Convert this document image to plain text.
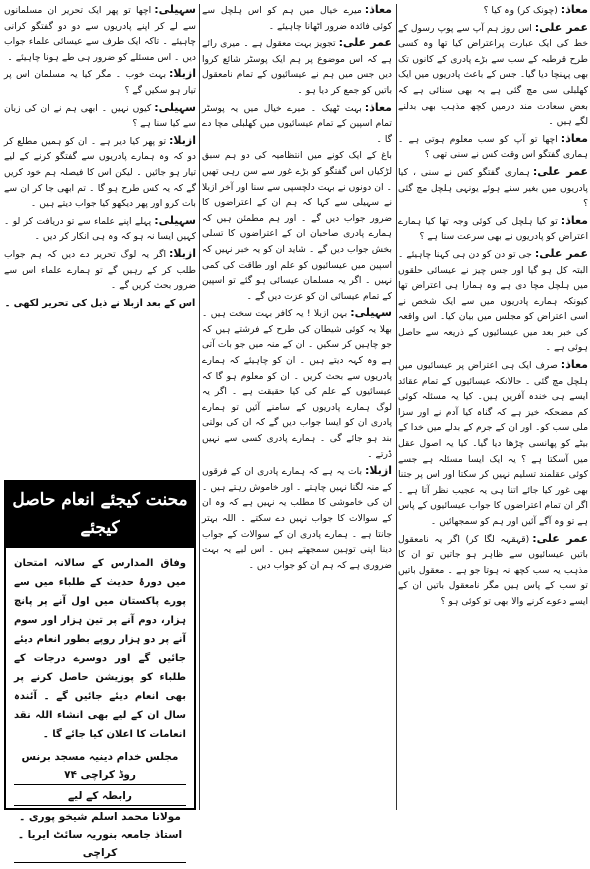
معاذ:(چونک کر) وہ کیا ؟
عمر علی:اس روز ہم آپ سے پوپ رسول کے خط کی ایک عبارت پراعتراض کیا تھا وہ کسی طرح قرطبہ کے سب سے بڑے پادری کے کانوں تک بھی پہنچا دیا گیا۔ جس کے باعث پادریوں میں ایک کھلبلی سی مچ گئی ہے یہ بھی سنائی ہے کہ بعض سعادت مند درمیں کچھ مذہب بھی بدلنے لگے ہیں ۔
معاذ:اچھا تو آپ کو سب معلوم ہوتی ہے ۔ ہماری گفتگو اس وقت کس نے سنی تھی ؟
عمر علی:ہماری گفتگو کس نے سنی ، کیا پادریوں میں بغیر سنے ہوئے یونہی ہلچل مچ گئی ؟
معاذ:تو کیا ہلچل کی کوئی وجہ تھا کیا ہمارے اعتراض کو پادریوں نے بھی سرعت سنا ہے ؟
عمر علی:جی تو دن کو دن ہی کہنا چاہیئے ۔ البتہ کل ہو گیا اور جس چیز نے عیسائی حلقوں میں ہلچل مچا دی ہے وہ ہمارا ہی اعتراض تھا کیونکہ ہمارے پادریوں میں سے ایک شخص نے اسی اعتراض کو مجلس میں بیان کیا۔ اس واقعہ کی خبر بعد میں عیسائیوں کے ذریعہ سے حاصل ہوئی ہے ۔
معاذ:صرف ایک ہی اعتراض پر عیسائیوں میں ہلچل مچ گئی ۔ حالانکہ عیسائیوں کے تمام عقائد ایسے ہی خندہ آفریں ہیں۔ کیا یہ مسئلہ کوئی کم مضحکہ خیز ہے کہ گناہ کیا آدم نے اور سزا ملی سب کو۔ اور ان کے جرم کے بدلے میں خدا کے بیٹے کو پھانسی چڑھا دیا گیا۔ کیا یہ اصول عقل میں آسکتا ہے ؟ یہ ایک ایسا مسئلہ ہے جسے کوئی عقلمند تسلیم نہیں کر سکتا اور اس پر جتنا بھی غور کیا جائے اتنا ہی یہ عجیب نظر آتا ہے ۔ اگر ان تمام اعتراضوں کا جواب عیسائیوں کے پاس ہے تو وہ آگے آئیں اور ہم کو سمجھائیں ۔
عمر علی:(قہقہہ لگا کر) اگر یہ نامعقول باتیں عیسائیوں سے ظاہر ہو جاتیں تو ان کا مذہب یہ سب کچھ نہ ہوتا جو ہے ۔ معقول باتیں تو سب کے پاس ہیں مگر نامعقول باتیں ان کے ایسے دعوے کرنے والا بھی تو کوئی ہو ؟
معاذ:میرے خیال میں ہم کو اس ہلچل سے کوئی فائدہ ضرور اٹھانا چاہیئے ۔
عمر علی:تجویز بہت معقول ہے ۔ میری رائے ہے کہ اس موضوع پر ہم ایک پوسٹر شائع کروا دیں جس میں ہم نے عیسائیوں کے تمام نامعقول باتیں کو جمع کر دیا ہو ۔
معاذ:بہت ٹھیک ۔ میرے خیال میں یہ پوسٹر تمام اسپین کے تمام عیسائیوں میں کھلبلی مچا دے گا ۔
باغ کے ایک کونے میں انتظامیہ کی دو ہم سبق لڑکیاں اس گفتگو کو بڑے غور سے سن رہی تھیں ۔ ان دونوں نے بہت دلچسپی سے سنا اور آخر ازبلا نے سہیلی سے کہا کہ ہم ان کے اعتراضوں کا ضرور جواب دیں گے ۔ اور ہم مطمئن ہیں کہ ہمارے پادری صاحبان ان کے اعتراضوں کا تسلی بخش جواب دیں گے ۔ شاید ان کو یہ خبر نہیں کہ اسپین میں عیسائیوں کو علم اور طاقت کی کمی نہیں ۔ اگر یہ مسلمان عیسائی ہو گئے تو اسپین کے تمام عیسائی ان کو عزت دیں گے ۔
سہیلی:بہن ازبلا ! یہ کافر بہت سخت ہیں ۔ بھلا یہ کوئی شیطان کی طرح کے فرشتے ہیں کہ جو چاہیں کر سکیں ۔ ان کے منہ میں جو بات آتی ہے وہ کہہ دیتے ہیں ۔ ان کو چاہیئے کہ ہمارے پادریوں سے بحث کریں ۔ ان کو معلوم ہو گا کہ عیسائیوں کے علم کی کیا حقیقت ہے ۔ اگر یہ لوگ ہمارے پادریوں کے سامنے آئیں تو ہمارے پادری ان کو ایسا جواب دیں گے کہ ان کی بولتی بند ہو جائے گی ۔ ہمارے پادری کسی سے نہیں ڈرتے ۔
ازبلا:بات یہ ہے کہ ہمارے پادری ان کے فرقوں کے منہ لگنا نہیں چاہتے ۔ اور خاموش رہتے ہیں ۔ ان کی خاموشی کا مطلب یہ نہیں ہے کہ وہ ان کے سوالات کا جواب نہیں دے سکتے ۔ اللہ بہتر جانتا ہے ۔ ہمارے پادری ان کے سوالات کے جواب دینا اپنی توہین سمجھتے ہیں ۔ اس لیے یہ بہت ضروری ہے کہ ہم ان کو جواب دیں ۔
سہیلی:اچھا تو پھر ایک تحریر ان مسلمانوں سے لے کر اپنے پادریوں سے دو دو گفتگو کرانی چاہیئے ۔ تاکہ ایک طرف سے عیسائی علماء جواب دیں ۔ اس مسئلے کو ضرور ہی طے ہونا چاہیئے ۔
ازبلا:بہت خوب ۔ مگر کیا یہ مسلمان اس پر تیار ہو سکیں گے ؟
سہیلی:کیوں نہیں ۔ ابھی ہم نے ان کی زبان سے کیا سنا ہے ؟
ازبلا:تو پھر کیا دیر ہے ۔ ان کو ہمیں مطلع کر دو کہ وہ ہمارے پادریوں سے گفتگو کرنے کے لیے تیار ہو جائیں ۔ لیکن اس کا فیصلہ ہم خود کریں گے کہ یہ کس طرح ہو گا ۔ تم ابھی جا کر ان سے بات کرو اور پھر دیکھو کیا جواب دیتے ہیں ۔
سہیلی:پہلے اپنے علماء سے تو دریافت کر لو ۔ کہیں ایسا نہ ہو کہ وہ ہی انکار کر دیں ۔
ازبلا:اگر یہ لوگ تحریر دے دیں کہ ہم جواب طلب کر کے رہیں گے تو ہمارے علماء اس سے ضرور بحث کریں گے ۔
اس کے بعد ازبلا نے ذیل کی تحریر لکھی ۔
محنت کیجئے انعام حاصل کیجئے
وفاق المدارس کے سالانہ امتحان میں دورۂ حدیث کے طلباء میں سے پورے پاکستان میں اول آنے پر پانچ ہزار، دوم آنے پر تین ہزار اور سوم آنے پر دو ہزار روپے بطور انعام دیئے جائیں گے اور دوسرے درجات کے طلباء کو پوزیشن حاصل کرنے پر بھی انعام دیئے جائیں گے ۔ آئندہ سال ان کے لیے بھی انشاء اللہ نقد انعامات کا اعلان کیا جائے گا ۔
مجلس خدام دینیہ مسجد برنس روڈ کراچی ۷۴
رابطہ کے لیے
مولانا محمد اسلم شیخو پوری ۔ استاذ جامعہ بنوریہ سائٹ ایریا ۔ کراچی
